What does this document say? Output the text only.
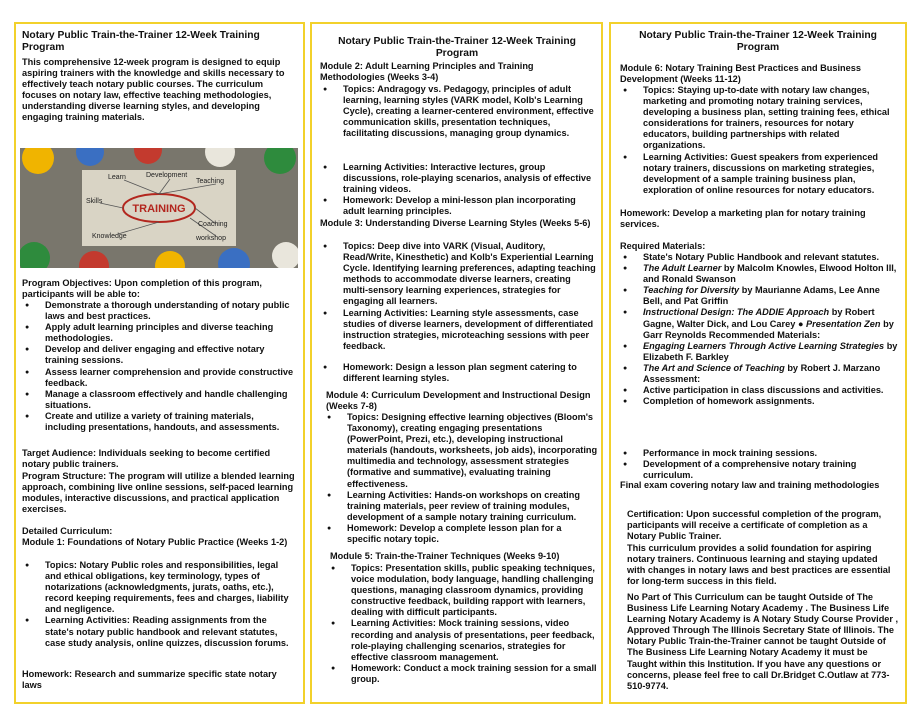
Notary Public Train-the-Trainer 12-Week Training Program
This comprehensive 12-week program is designed to equip aspiring trainers with the knowledge and skills necessary to effectively teach notary public courses. The curriculum focuses on notary law, effective teaching methodologies, understanding diverse learning styles, and developing engaging training materials.
TRAINING
Learn	Development
Teaching
Skills
Knowledge
Coaching
workshop
Program Objectives: Upon completion of this program, participants will be able to:
● Demonstrate a thorough understanding of notary public laws and best practices.
● Apply adult learning principles and diverse teaching methodologies.
● Develop and deliver engaging and effective notary training sessions.
● Assess learner comprehension and provide constructive feedback.
● Manage a classroom effectively and handle challenging situations.
● Create and utilize a variety of training materials, including presentations, handouts, and assessments.
Target Audience: Individuals seeking to become certified notary public trainers.
Program Structure: The program will utilize a blended learning approach, combining live online sessions, self-paced learning modules, interactive discussions, and practical application exercises.
Detailed Curriculum:
Module 1: Foundations of Notary Public Practice (Weeks 1-2)
● Topics: Notary Public roles and responsibilities, legal and ethical obligations, key terminology, types of notarizations (acknowledgments, jurats, oaths, etc.), record keeping requirements, fees and charges, liability and negligence.
● Learning Activities: Reading assignments from the state's notary public handbook and relevant statutes, case study analysis, online quizzes, discussion forums.
Homework: Research and summarize specific state notary laws
Notary Public Train-the-Trainer 12-Week Training Program
Module 2: Adult Learning Principles and Training Methodologies (Weeks 3-4)
● Topics: Andragogy vs. Pedagogy, principles of adult learning, learning styles (VARK model, Kolb's Learning Cycle), creating a learner-centered environment, effective communication skills, presentation techniques, facilitating discussions, managing group dynamics.
● Learning Activities: Interactive lectures, group discussions, role-playing scenarios, analysis of effective training videos.
● Homework: Develop a mini-lesson plan incorporating adult learning principles.
Module 3: Understanding Diverse Learning Styles (Weeks 5-6)
● Topics: Deep dive into VARK (Visual, Auditory, Read/Write, Kinesthetic) and Kolb's Experiential Learning Cycle. Identifying learning preferences, adapting teaching methods to accommodate diverse learners, creating multi-sensory learning experiences, strategies for engaging all learners.
● Learning Activities: Learning style assessments, case studies of diverse learners, development of differentiated instruction strategies, microteaching sessions with peer feedback.
● Homework: Design a lesson plan segment catering to different learning styles.
Module 4: Curriculum Development and Instructional Design (Weeks 7-8)
● Topics: Designing effective learning objectives (Bloom's Taxonomy), creating engaging presentations (PowerPoint, Prezi, etc.), developing instructional materials (handouts, worksheets, job aids), incorporating multimedia and technology, assessment strategies (formative and summative), evaluating training effectiveness.
● Learning Activities: Hands-on workshops on creating training materials, peer review of training modules, development of a sample notary training curriculum.
● Homework: Develop a complete lesson plan for a specific notary topic.
Module 5: Train-the-Trainer Techniques (Weeks 9-10)
● Topics: Presentation skills, public speaking techniques, voice modulation, body language, handling challenging questions, managing classroom dynamics, providing constructive feedback, building rapport with learners, dealing with difficult participants.
● Learning Activities: Mock training sessions, video recording and analysis of presentations, peer feedback, role-playing challenging scenarios, strategies for effective classroom management.
● Homework: Conduct a mock training session for a small group.
Notary Public Train-the-Trainer 12-Week Training Program
Module 6: Notary Training Best Practices and Business Development (Weeks 11-12)
● Topics: Staying up-to-date with notary law changes, marketing and promoting notary training services, developing a business plan, setting training fees, ethical considerations for trainers, resources for notary educators, building partnerships with related organizations.
● Learning Activities: Guest speakers from experienced notary trainers, discussions on marketing strategies, development of a sample training business plan, exploration of online resources for notary educators.
Homework: Develop a marketing plan for notary training services.
Required Materials:
● State's Notary Public Handbook and relevant statutes.
● The Adult Learner by Malcolm Knowles, Elwood Holton III, and Ronald Swanson
● Teaching for Diversity by Maurianne Adams, Lee Anne Bell, and Pat Griffin
● Instructional Design: The ADDIE Approach by Robert Gagne, Walter Dick, and Lou Carey ● Presentation Zen by Garr Reynolds Recommended Materials:
● Engaging Learners Through Active Learning Strategies by Elizabeth F. Barkley
● The Art and Science of Teaching by Robert J. Marzano Assessment:
● Active participation in class discussions and activities.
● Completion of homework assignments.
● Performance in mock training sessions.
● Development of a comprehensive notary training curriculum.
Final exam covering notary law and training methodologies
Certification: Upon successful completion of the program, participants will receive a certificate of completion as a Notary Public Trainer.
This curriculum provides a solid foundation for aspiring notary trainers. Continuous learning and staying updated with changes in notary laws and best practices are essential for long-term success in this field.
No Part of This Curriculum can be taught Outside of The Business Life Learning Notary Academy . The Business Life Learning Notary Academy is A Notary Study Course Provider , Approved Through The Illinois Secretary State of Illinois. The Notary Public Train-the-Trainer cannot be taught Outside of The Business Life Learning Notary Academy it must be Taught within this Institution. If you have any questions or concerns, please feel free to call Dr.Bridget C.Outlaw at 773-510-9774.
